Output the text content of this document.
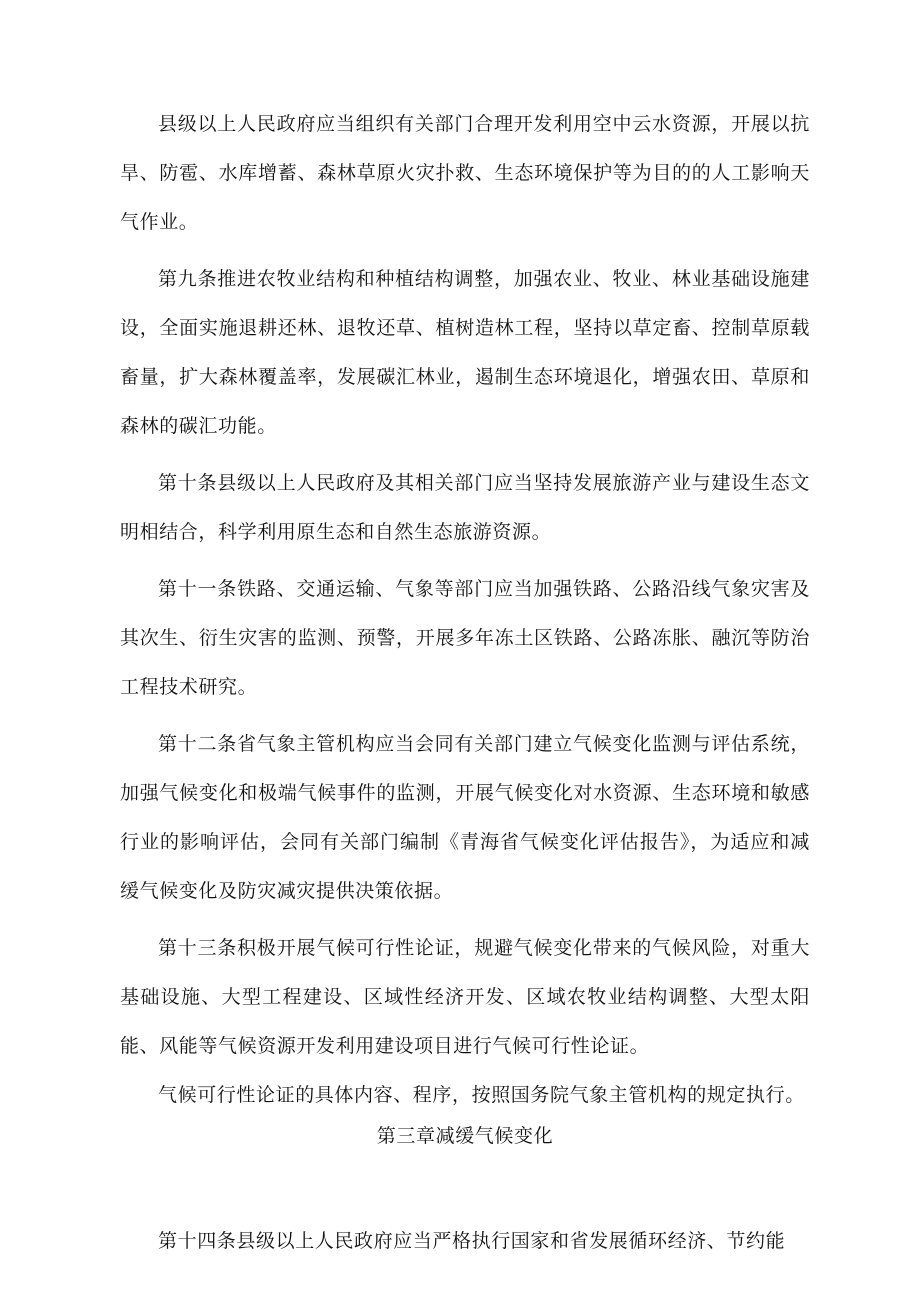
县级以上人民政府应当组织有关部门合理开发利用空中云水资源，开展以抗旱、防雹、水库增蓄、森林草原火灾扑救、生态环境保护等为目的的人工影响天气作业。

第九条推进农牧业结构和种植结构调整，加强农业、牧业、林业基础设施建设，全面实施退耕还林、退牧还草、植树造林工程，坚持以草定畜、控制草原载畜量，扩大森林覆盖率，发展碳汇林业，遏制生态环境退化，增强农田、草原和森林的碳汇功能。

第十条县级以上人民政府及其相关部门应当坚持发展旅游产业与建设生态文明相结合，科学利用原生态和自然生态旅游资源。

第十一条铁路、交通运输、气象等部门应当加强铁路、公路沿线气象灾害及其次生、衍生灾害的监测、预警，开展多年冻土区铁路、公路冻胀、融沉等防治工程技术研究。

第十二条省气象主管机构应当会同有关部门建立气候变化监测与评估系统，加强气候变化和极端气候事件的监测，开展气候变化对水资源、生态环境和敏感行业的影响评估，会同有关部门编制《青海省气候变化评估报告》，为适应和减缓气候变化及防灾减灾提供决策依据。

第十三条积极开展气候可行性论证，规避气候变化带来的气候风险，对重大基础设施、大型工程建设、区域性经济开发、区域农牧业结构调整、大型太阳能、风能等气候资源开发利用建设项目进行气候可行性论证。

气候可行性论证的具体内容、程序，按照国务院气象主管机构的规定执行。

第三章减缓气候变化

第十四条县级以上人民政府应当严格执行国家和省发展循环经济、节约能
